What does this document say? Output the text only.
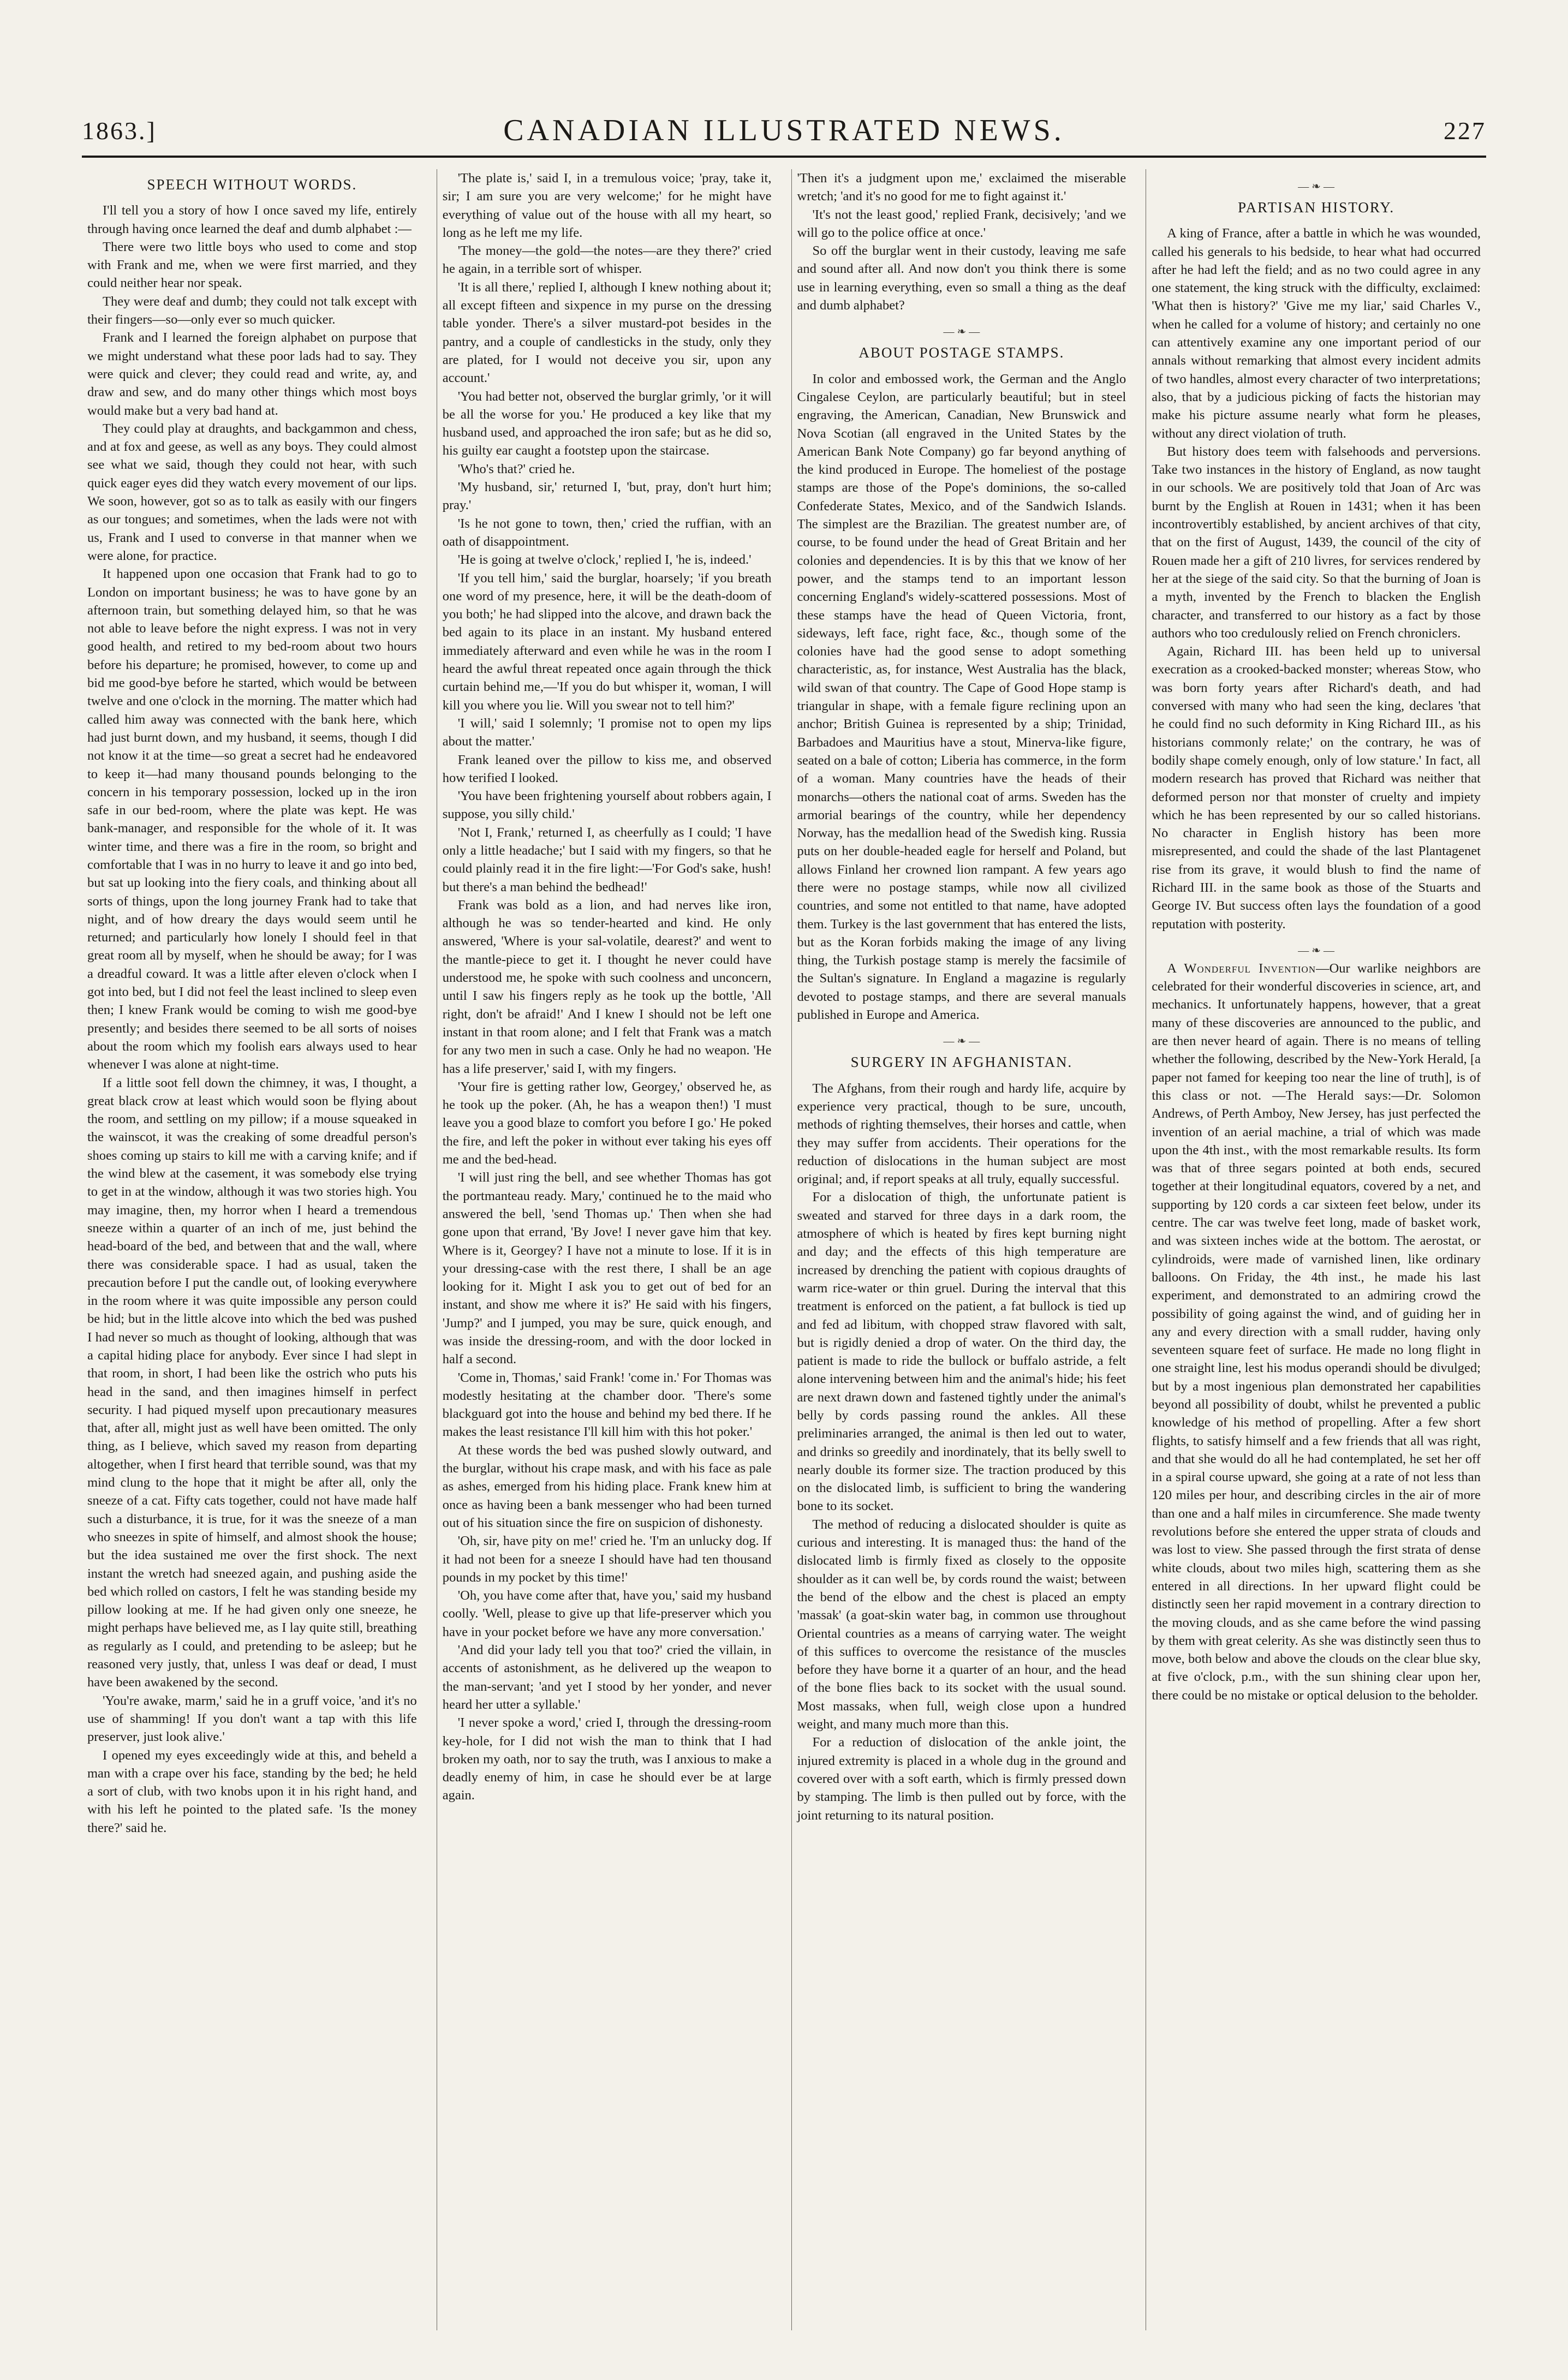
1863.]	CANADIAN ILLUSTRATED NEWS.	227
SPEECH WITHOUT WORDS.

I'll tell you a story of how I once saved my life, entirely through having once learned the deaf and dumb alphabet :—

There were two little boys who used to come and stop with Frank and me, when we were first married, and they could neither hear nor speak.

They were deaf and dumb; they could not talk except with their fingers—so—only ever so much quicker.

Frank and I learned the foreign alphabet on purpose that we might understand what these poor lads had to say. They were quick and clever; they could read and write, ay, and draw and sew, and do many other things which most boys would make but a very bad hand at.

They could play at draughts, and backgammon and chess, and at fox and geese, as well as any boys. They could almost see what we said, though they could not hear, with such quick eager eyes did they watch every movement of our lips. We soon, however, got so as to talk as easily with our fingers as our tongues; and sometimes, when the lads were not with us, Frank and I used to converse in that manner when we were alone, for practice.

It happened upon one occasion that Frank had to go to London on important business; he was to have gone by an afternoon train, but something delayed him, so that he was not able to leave before the night express. I was not in very good health, and retired to my bed-room about two hours before his departure; he promised, however, to come up and bid me good-bye before he started, which would be between twelve and one o'clock in the morning. The matter which had called him away was connected with the bank here, which had just burnt down, and my husband, it seems, though I did not know it at the time—so great a secret had he endeavored to keep it—had many thousand pounds belonging to the concern in his temporary possession, locked up in the iron safe in our bed-room, where the plate was kept. He was bank-manager, and responsible for the whole of it. It was winter time, and there was a fire in the room, so bright and comfortable that I was in no hurry to leave it and go into bed, but sat up looking into the fiery coals, and thinking about all sorts of things, upon the long journey Frank had to take that night, and of how dreary the days would seem until he returned; and particularly how lonely I should feel in that great room all by myself, when he should be away; for I was a dreadful coward. It was a little after eleven o'clock when I got into bed, but I did not feel the least inclined to sleep even then; I knew Frank would be coming to wish me good-bye presently; and besides there seemed to be all sorts of noises about the room which my foolish ears always used to hear whenever I was alone at night-time.

If a little soot fell down the chimney, it was, I thought, a great black crow at least which would soon be flying about the room, and settling on my pillow; if a mouse squeaked in the wainscot, it was the creaking of some dreadful person's shoes coming up stairs to kill me with a carving knife; and if the wind blew at the casement, it was somebody else trying to get in at the window, although it was two stories high. You may imagine, then, my horror when I heard a tremendous sneeze within a quarter of an inch of me, just behind the head-board of the bed, and between that and the wall, where there was considerable space. I had as usual, taken the precaution before I put the candle out, of looking everywhere in the room where it was quite impossible any person could be hid; but in the little alcove into which the bed was pushed I had never so much as thought of looking, although that was a capital hiding place for anybody. Ever since I had slept in that room, in short, I had been like the ostrich who puts his head in the sand, and then imagines himself in perfect security. I had piqued myself upon precautionary measures that, after all, might just as well have been omitted. The only thing, as I believe, which saved my reason from departing altogether, when I first heard that terrible sound, was that my mind clung to the hope that it might be after all, only the sneeze of a cat. Fifty cats together, could not have made half such a disturbance, it is true, for it was the sneeze of a man who sneezes in spite of himself, and almost shook the house; but the idea sustained me over the first shock. The next instant the wretch had sneezed again, and pushing aside the bed which rolled on castors, I felt he was standing beside my pillow looking at me. If he had given only one sneeze, he might perhaps have believed me, as I lay quite still, breathing as regularly as I could, and pretending to be asleep; but he reasoned very justly, that, unless I was deaf or dead, I must have been awakened by the second.

'You're awake, marm,' said he in a gruff voice, 'and it's no use of shamming! If you don't want a tap with this life preserver, just look alive.'

I opened my eyes exceedingly wide at this, and beheld a man with a crape over his face, standing by the bed; he held a sort of club, with two knobs upon it in his right hand, and with his left he pointed to the plated safe. 'Is the money there?' said he.

'The plate is,' said I, in a tremulous voice; 'pray, take it, sir; I am sure you are very welcome;' for he might have everything of value out of the house with all my heart, so long as he left me my life.

'The money—the gold—the notes—are they there?' cried he again, in a terrible sort of whisper.

'It is all there,' replied I, although I knew nothing about it; all except fifteen and sixpence in my purse on the dressing table yonder. There's a silver mustard-pot besides in the pantry, and a couple of candlesticks in the study, only they are plated, for I would not deceive you sir, upon any account.'

'You had better not, observed the burglar grimly, 'or it will be all the worse for you.' He produced a key like that my husband used, and approached the iron safe; but as he did so, his guilty ear caught a footstep upon the staircase.

'Who's that?' cried he.

'My husband, sir,' returned I, 'but, pray, don't hurt him; pray.'

'Is he not gone to town, then,' cried the ruffian, with an oath of disappointment.

'He is going at twelve o'clock,' replied I, 'he is, indeed.'

'If you tell him,' said the burglar, hoarsely; 'if you breath one word of my presence, here, it will be the death-doom of you both;' he had slipped into the alcove, and drawn back the bed again to its place in an instant. My husband entered immediately afterward and even while he was in the room I heard the awful threat repeated once again through the thick curtain behind me,—'If you do but whisper it, woman, I will kill you where you lie. Will you swear not to tell him?'

'I will,' said I solemnly; 'I promise not to open my lips about the matter.'

Frank leaned over the pillow to kiss me, and observed how terified I looked.

'You have been frightening yourself about robbers again, I suppose, you silly child.'

'Not I, Frank,' returned I, as cheerfully as I could; 'I have only a little headache;' but I said with my fingers, so that he could plainly read it in the fire light:—'For God's sake, hush! but there's a man behind the bedhead!'

Frank was bold as a lion, and had nerves like iron, although he was so tender-hearted and kind. He only answered, 'Where is your sal-volatile, dearest?' and went to the mantle-piece to get it. I thought he never could have understood me, he spoke with such coolness and unconcern, until I saw his fingers reply as he took up the bottle, 'All right, don't be afraid!' And I knew I should not be left one instant in that room alone; and I felt that Frank was a match for any two men in such a case. Only he had no weapon. 'He has a life preserver,' said I, with my fingers.

'Your fire is getting rather low, Georgey,' observed he, as he took up the poker. (Ah, he has a weapon then!) 'I must leave you a good blaze to comfort you before I go.' He poked the fire, and left the poker in without ever taking his eyes off me and the bed-head.

'I will just ring the bell, and see whether Thomas has got the portmanteau ready. Mary,' continued he to the maid who answered the bell, 'send Thomas up.' Then when she had gone upon that errand, 'By Jove! I never gave him that key. Where is it, Georgey? I have not a minute to lose. If it is in your dressing-case with the rest there, I shall be an age looking for it. Might I ask you to get out of bed for an instant, and show me where it is?' He said with his fingers, 'Jump?' and I jumped, you may be sure, quick enough, and was inside the dressing-room, and with the door locked in half a second.

'Come in, Thomas,' said Frank! 'come in.' For Thomas was modestly hesitating at the chamber door. 'There's some blackguard got into the house and behind my bed there. If he makes the least resistance I'll kill him with this hot poker.'

At these words the bed was pushed slowly outward, and the burglar, without his crape mask, and with his face as pale as ashes, emerged from his hiding place. Frank knew him at once as having been a bank messenger who had been turned out of his situation since the fire on suspicion of dishonesty.

'Oh, sir, have pity on me!' cried he. 'I'm an unlucky dog. If it had not been for a sneeze I should have had ten thousand pounds in my pocket by this time!'

'Oh, you have come after that, have you,' said my husband coolly. 'Well, please to give up that life-preserver which you have in your pocket before we have any more conversation.'

'And did your lady tell you that too?' cried the villain, in accents of astonishment, as he delivered up the weapon to the man-servant; 'and yet I stood by her yonder, and never heard her utter a syllable.'

'I never spoke a word,' cried I, through the dressing-room key-hole, for I did not wish the man to think that I had broken my oath, nor to say the truth, was I anxious to make a deadly enemy of him, in case he should ever be at large again.

'Then it's a judgment upon me,' exclaimed the miserable wretch; 'and it's no good for me to fight against it.'

'It's not the least good,' replied Frank, decisively; 'and we will go to the police office at once.'

So off the burglar went in their custody, leaving me safe and sound after all. And now don't you think there is some use in learning everything, even so small a thing as the deaf and dumb alphabet?

— ❧ —
ABOUT POSTAGE STAMPS.

In color and embossed work, the German and the Anglo Cingalese Ceylon, are particularly beautiful; but in steel engraving, the American, Canadian, New Brunswick and Nova Scotian (all engraved in the United States by the American Bank Note Company) go far beyond anything of the kind produced in Europe. The homeliest of the postage stamps are those of the Pope's dominions, the so-called Confederate States, Mexico, and of the Sandwich Islands. The simplest are the Brazilian. The greatest number are, of course, to be found under the head of Great Britain and her colonies and dependencies. It is by this that we know of her power, and the stamps tend to an important lesson concerning England's widely-scattered possessions. Most of these stamps have the head of Queen Victoria, front, sideways, left face, right face, &c., though some of the colonies have had the good sense to adopt something characteristic, as, for instance, West Australia has the black, wild swan of that country. The Cape of Good Hope stamp is triangular in shape, with a female figure reclining upon an anchor; British Guinea is represented by a ship; Trinidad, Barbadoes and Mauritius have a stout, Minerva-like figure, seated on a bale of cotton; Liberia has commerce, in the form of a woman. Many countries have the heads of their monarchs—others the national coat of arms. Sweden has the armorial bearings of the country, while her dependency Norway, has the medallion head of the Swedish king. Russia puts on her double-headed eagle for herself and Poland, but allows Finland her crowned lion rampant. A few years ago there were no postage stamps, while now all civilized countries, and some not entitled to that name, have adopted them. Turkey is the last government that has entered the lists, but as the Koran forbids making the image of any living thing, the Turkish postage stamp is merely the facsimile of the Sultan's signature. In England a magazine is regularly devoted to postage stamps, and there are several manuals published in Europe and America.

— ❧ —
SURGERY IN AFGHANISTAN.

The Afghans, from their rough and hardy life, acquire by experience very practical, though to be sure, uncouth, methods of righting themselves, their horses and cattle, when they may suffer from accidents. Their operations for the reduction of dislocations in the human subject are most original; and, if report speaks at all truly, equally successful.

For a dislocation of thigh, the unfortunate patient is sweated and starved for three days in a dark room, the atmosphere of which is heated by fires kept burning night and day; and the effects of this high temperature are increased by drenching the patient with copious draughts of warm rice-water or thin gruel. During the interval that this treatment is enforced on the patient, a fat bullock is tied up and fed ad libitum, with chopped straw flavored with salt, but is rigidly denied a drop of water. On the third day, the patient is made to ride the bullock or buffalo astride, a felt alone intervening between him and the animal's hide; his feet are next drawn down and fastened tightly under the animal's belly by cords passing round the ankles. All these preliminaries arranged, the animal is then led out to water, and drinks so greedily and inordinately, that its belly swell to nearly double its former size. The traction produced by this on the dislocated limb, is sufficient to bring the wandering bone to its socket.

The method of reducing a dislocated shoulder is quite as curious and interesting. It is managed thus: the hand of the dislocated limb is firmly fixed as closely to the opposite shoulder as it can well be, by cords round the waist; between the bend of the elbow and the chest is placed an empty 'massak' (a goat-skin water bag, in common use throughout Oriental countries as a means of carrying water. The weight of this suffices to overcome the resistance of the muscles before they have borne it a quarter of an hour, and the head of the bone flies back to its socket with the usual sound. Most massaks, when full, weigh close upon a hundred weight, and many much more than this.

For a reduction of dislocation of the ankle joint, the injured extremity is placed in a whole dug in the ground and covered over with a soft earth, which is firmly pressed down by stamping. The limb is then pulled out by force, with the joint returning to its natural position.

— ❧ —
PARTISAN HISTORY.

A king of France, after a battle in which he was wounded, called his generals to his bedside, to hear what had occurred after he had left the field; and as no two could agree in any one statement, the king struck with the difficulty, exclaimed: 'What then is history?' 'Give me my liar,' said Charles V., when he called for a volume of history; and certainly no one can attentively examine any one important period of our annals without remarking that almost every incident admits of two handles, almost every character of two interpretations; also, that by a judicious picking of facts the historian may make his picture assume nearly what form he pleases, without any direct violation of truth.

But history does teem with falsehoods and perversions. Take two instances in the history of England, as now taught in our schools. We are positively told that Joan of Arc was burnt by the English at Rouen in 1431; when it has been incontrovertibly established, by ancient archives of that city, that on the first of August, 1439, the council of the city of Rouen made her a gift of 210 livres, for services rendered by her at the siege of the said city. So that the burning of Joan is a myth, invented by the French to blacken the English character, and transferred to our history as a fact by those authors who too credulously relied on French chroniclers.

Again, Richard III. has been held up to universal execration as a crooked-backed monster; whereas Stow, who was born forty years after Richard's death, and had conversed with many who had seen the king, declares 'that he could find no such deformity in King Richard III., as his historians commonly relate;' on the contrary, he was of bodily shape comely enough, only of low stature.' In fact, all modern research has proved that Richard was neither that deformed person nor that monster of cruelty and impiety which he has been represented by our so called historians. No character in English history has been more misrepresented, and could the shade of the last Plantagenet rise from its grave, it would blush to find the name of Richard III. in the same book as those of the Stuarts and George IV. But success often lays the foundation of a good reputation with posterity.

— ❧ —

A Wonderful Invention—Our warlike neighbors are celebrated for their wonderful discoveries in science, art, and mechanics. It unfortunately happens, however, that a great many of these discoveries are announced to the public, and are then never heard of again. There is no means of telling whether the following, described by the New-York Herald, [a paper not famed for keeping too near the line of truth], is of this class or not. —The Herald says:—Dr. Solomon Andrews, of Perth Amboy, New Jersey, has just perfected the invention of an aerial machine, a trial of which was made upon the 4th inst., with the most remarkable results. Its form was that of three segars pointed at both ends, secured together at their longitudinal equators, covered by a net, and supporting by 120 cords a car sixteen feet below, under its centre. The car was twelve feet long, made of basket work, and was sixteen inches wide at the bottom. The aerostat, or cylindroids, were made of varnished linen, like ordinary balloons. On Friday, the 4th inst., he made his last experiment, and demonstrated to an admiring crowd the possibility of going against the wind, and of guiding her in any and every direction with a small rudder, having only seventeen square feet of surface. He made no long flight in one straight line, lest his modus operandi should be divulged; but by a most ingenious plan demonstrated her capabilities beyond all possibility of doubt, whilst he prevented a public knowledge of his method of propelling. After a few short flights, to satisfy himself and a few friends that all was right, and that she would do all he had contemplated, he set her off in a spiral course upward, she going at a rate of not less than 120 miles per hour, and describing circles in the air of more than one and a half miles in circumference. She made twenty revolutions before she entered the upper strata of clouds and was lost to view. She passed through the first strata of dense white clouds, about two miles high, scattering them as she entered in all directions. In her upward flight could be distinctly seen her rapid movement in a contrary direction to the moving clouds, and as she came before the wind passing by them with great celerity. As she was distinctly seen thus to move, both below and above the clouds on the clear blue sky, at five o'clock, p.m., with the sun shining clear upon her, there could be no mistake or optical delusion to the beholder.
